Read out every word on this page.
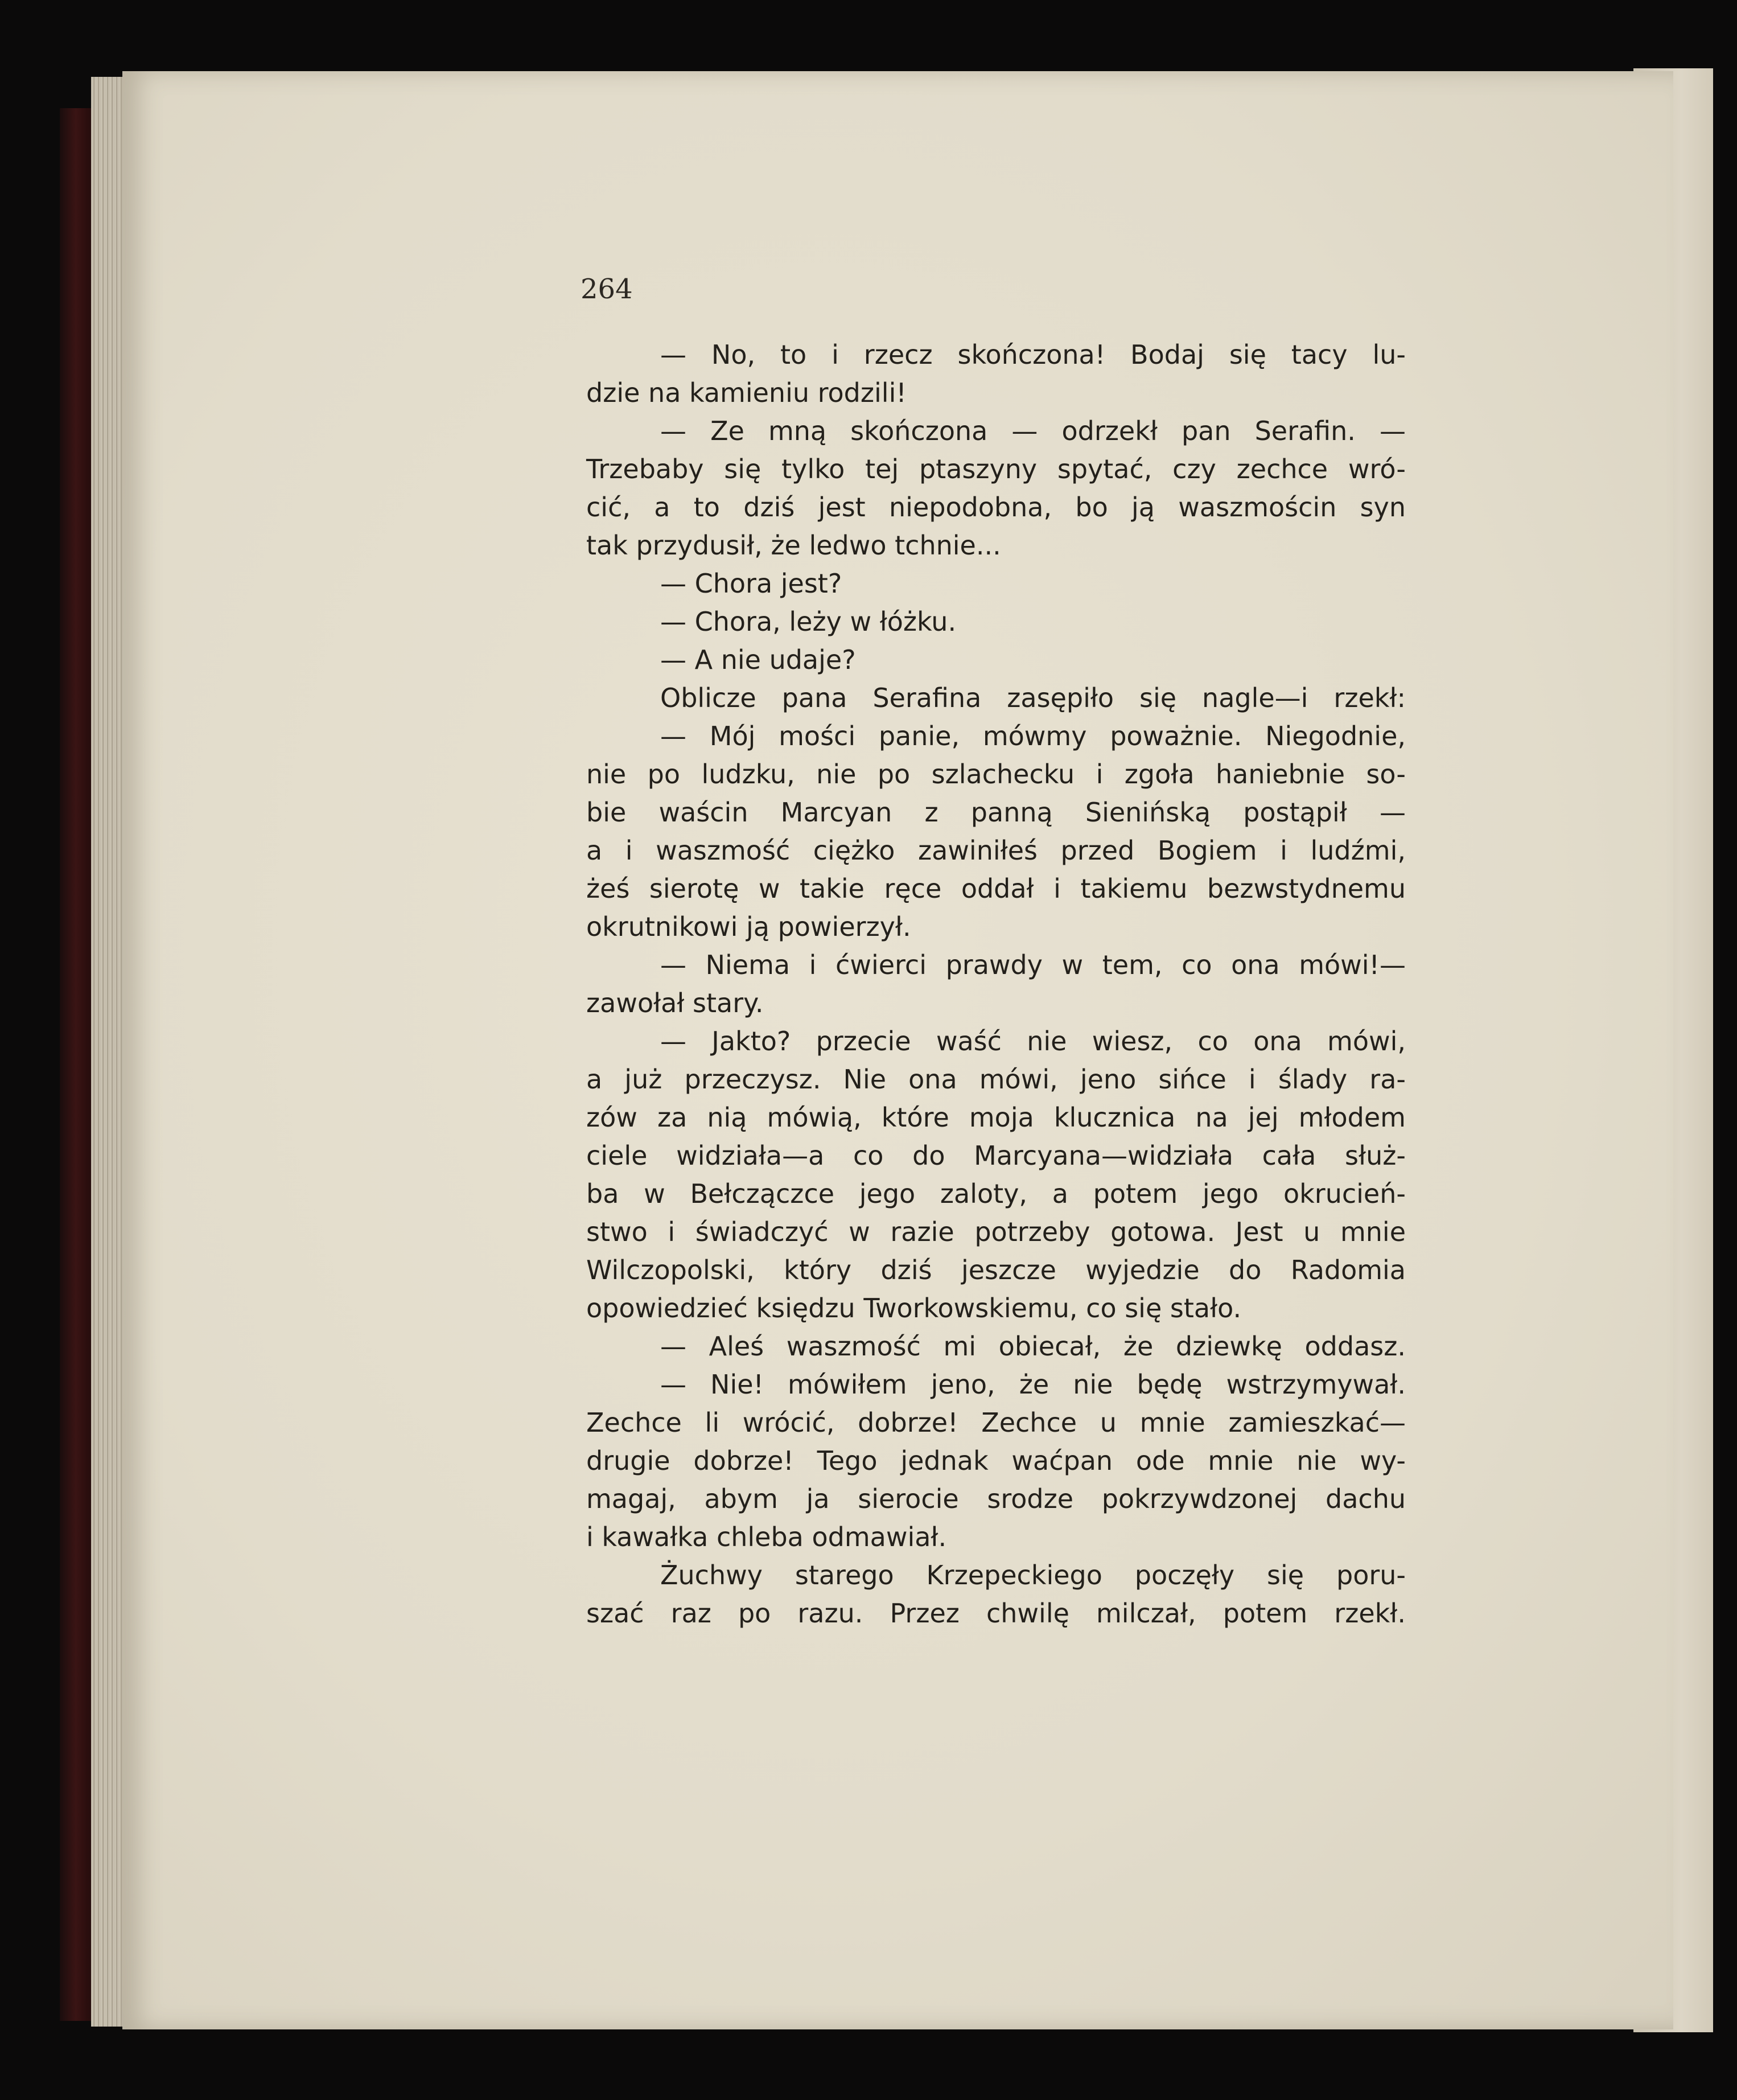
264
— No, to i rzecz skończona! Bodaj się tacy lu-
dzie na kamieniu rodzili!
— Ze mną skończona — odrzekł pan Serafin. —
Trzebaby się tylko tej ptaszyny spytać, czy zechce wró-
cić, a to dziś jest niepodobna, bo ją waszmościn syn
tak przydusił, że ledwo tchnie...
— Chora jest?
— Chora, leży w łóżku.
— A nie udaje?
Oblicze pana Serafina zasępiło się nagle—i rzekł:
— Mój mości panie, mówmy poważnie. Niegodnie,
nie po ludzku, nie po szlachecku i zgoła haniebnie so-
bie waścin Marcyan z panną Sienińską postąpił —
a i waszmość ciężko zawiniłeś przed Bogiem i ludźmi,
żeś sierotę w takie ręce oddał i takiemu bezwstydnemu
okrutnikowi ją powierzył.
— Niema i ćwierci prawdy w tem, co ona mówi!—
zawołał stary.
— Jakto? przecie waść nie wiesz, co ona mówi,
a już przeczysz. Nie ona mówi, jeno sińce i ślady ra-
zów za nią mówią, które moja klucznica na jej młodem
ciele widziała—a co do Marcyana—widziała cała służ-
ba w Bełczączce jego zaloty, a potem jego okrucień-
stwo i świadczyć w razie potrzeby gotowa. Jest u mnie
Wilczopolski, który dziś jeszcze wyjedzie do Radomia
opowiedzieć księdzu Tworkowskiemu, co się stało.
— Aleś waszmość mi obiecał, że dziewkę oddasz.
— Nie! mówiłem jeno, że nie będę wstrzymywał.
Zechce li wrócić, dobrze! Zechce u mnie zamieszkać—
drugie dobrze! Tego jednak waćpan ode mnie nie wy-
magaj, abym ja sierocie srodze pokrzywdzonej dachu
i kawałka chleba odmawiał.
Żuchwy starego Krzepeckiego poczęły się poru-
szać raz po razu. Przez chwilę milczał, potem rzekł.
